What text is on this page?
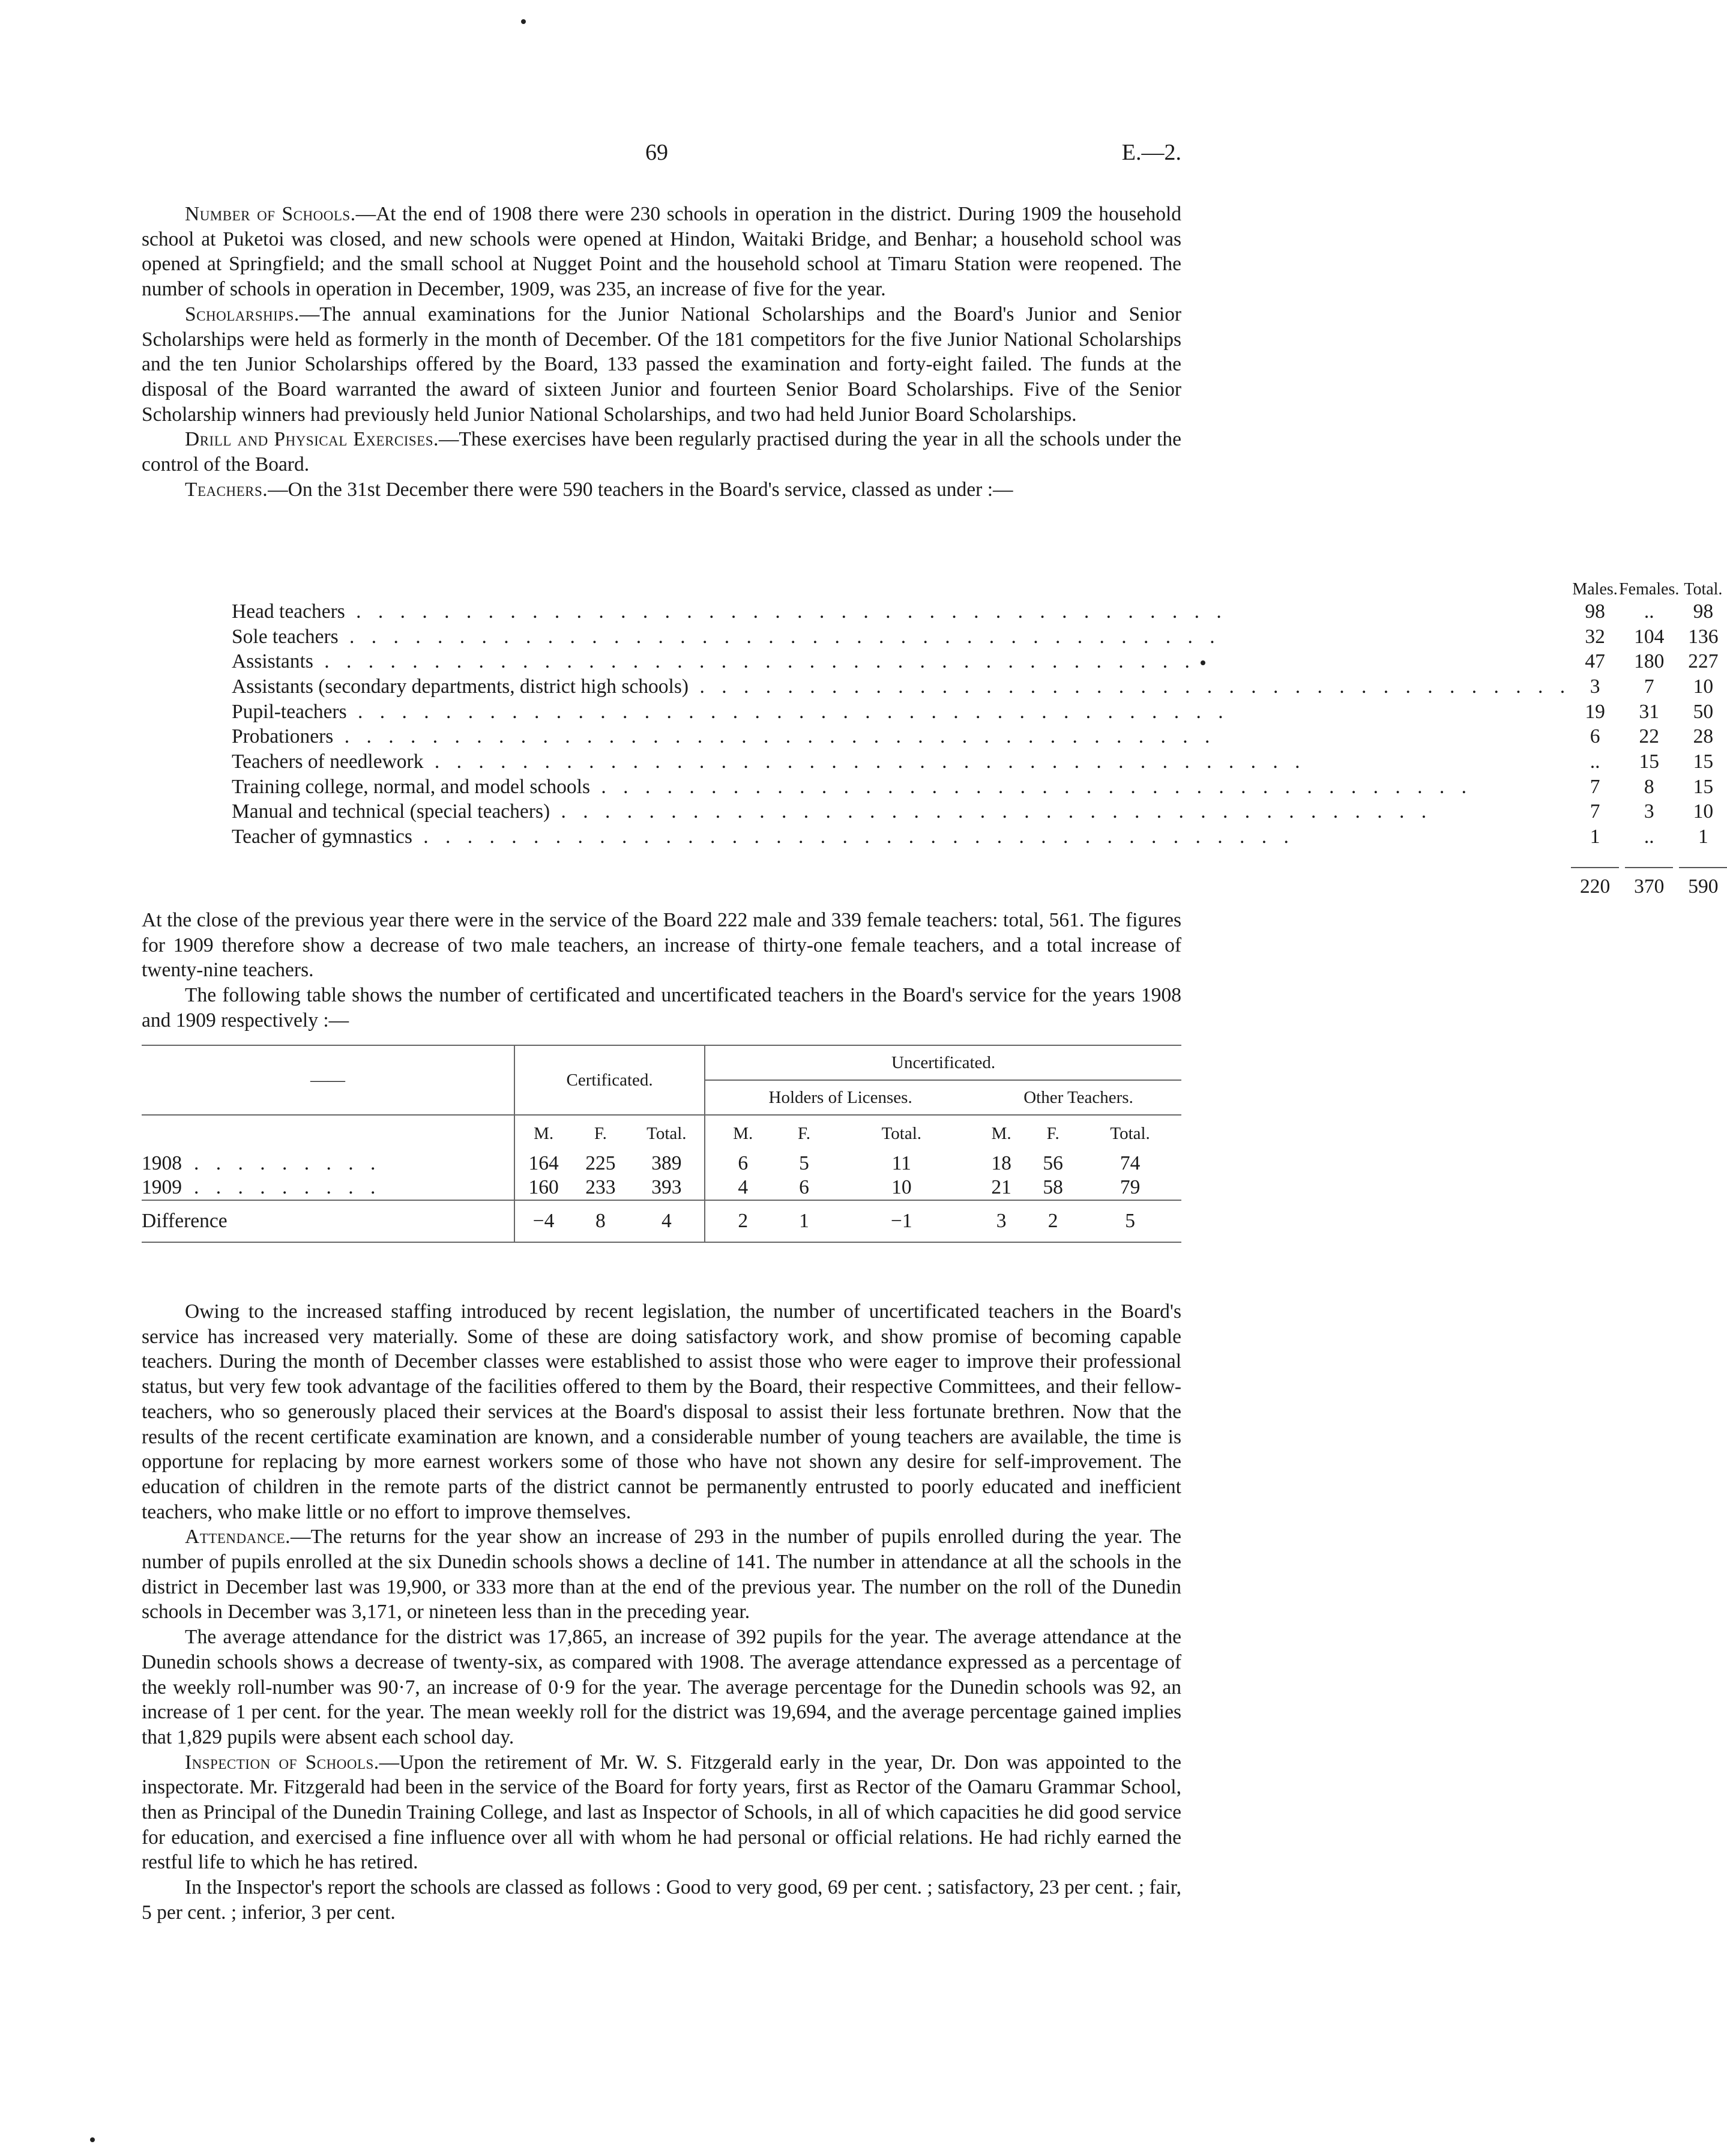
69	E.—2.

Number of Schools.—At the end of 1908 there were 230 schools in operation in the district. During 1909 the household school at Puketoi was closed, and new schools were opened at Hindon, Waitaki Bridge, and Benhar; a household school was opened at Springfield; and the small school at Nugget Point and the household school at Timaru Station were reopened. The number of schools in operation in December, 1909, was 235, an increase of five for the year.

Scholarships.—The annual examinations for the Junior National Scholarships and the Board's Junior and Senior Scholarships were held as formerly in the month of December. Of the 181 competitors for the five Junior National Scholarships and the ten Junior Scholarships offered by the Board, 133 passed the examination and forty-eight failed. The funds at the disposal of the Board warranted the award of sixteen Junior and fourteen Senior Board Scholarships. Five of the Senior Scholarship winners had previously held Junior National Scholarships, and two had held Junior Board Scholarships.

Drill and Physical Exercises.—These exercises have been regularly practised during the year in all the schools under the control of the Board.

Teachers.—On the 31st December there were 590 teachers in the Board's service, classed as under :—

	Males.	Females.	Total.
Head teachers . . . . . . . . . . . . . . . . . . . . . . . . . . . . . . . . . . . . . . . .	98	..	98
Sole teachers . . . . . . . . . . . . . . . . . . . . . . . . . . . . . . . . . . . . . . . .	32	104	136
Assistants . . . . . . . . . . . . . . . . . . . . . . . . . . . . . . . . . . . . . . . .	47	180	227
Assistants (secondary departments, district high schools) . . . . . . . . . . . . . . . . . . . . . . . . . . . . . . . . . . . . . . . .	3	7	10
Pupil-teachers . . . . . . . . . . . . . . . . . . . . . . . . . . . . . . . . . . . . . . . .	19	31	50
Probationers . . . . . . . . . . . . . . . . . . . . . . . . . . . . . . . . . . . . . . . .	6	22	28
Teachers of needlework . . . . . . . . . . . . . . . . . . . . . . . . . . . . . . . . . . . . . . . .	..	15	15
Training college, normal, and model schools . . . . . . . . . . . . . . . . . . . . . . . . . . . . . . . . . . . . . . . .	7	8	15
Manual and technical (special teachers) . . . . . . . . . . . . . . . . . . . . . . . . . . . . . . . . . . . . . . . .	7	3	10
Teacher of gymnastics . . . . . . . . . . . . . . . . . . . . . . . . . . . . . . . . . . . . . . . .	1	..	1

	220	370	590

At the close of the previous year there were in the service of the Board 222 male and 339 female teachers: total, 561. The figures for 1909 therefore show a decrease of two male teachers, an increase of thirty-one female teachers, and a total increase of twenty-nine teachers.

The following table shows the number of certificated and uncertificated teachers in the Board's service for the years 1908 and 1909 respectively :—

——	Certificated.			Uncertificated.					
				Holders of Licenses.			Other Teachers.		
	M.	F.	Total.	M.	F.	Total.	M.	F.	Total.
1908 . . . . . . . . .	164	225	389	6	5	11	18	56	74
1909 . . . . . . . . .	160	233	393	4	6	10	21	58	79
Difference	−4	8	4	2	1	−1	3	2	5

Owing to the increased staffing introduced by recent legislation, the number of uncertificated teachers in the Board's service has increased very materially. Some of these are doing satisfactory work, and show promise of becoming capable teachers. During the month of December classes were established to assist those who were eager to improve their professional status, but very few took advantage of the facilities offered to them by the Board, their respective Committees, and their fellow-teachers, who so generously placed their services at the Board's disposal to assist their less fortunate brethren. Now that the results of the recent certificate examination are known, and a considerable number of young teachers are available, the time is opportune for replacing by more earnest workers some of those who have not shown any desire for self-improvement. The education of children in the remote parts of the district cannot be permanently entrusted to poorly educated and inefficient teachers, who make little or no effort to improve themselves.

Attendance.—The returns for the year show an increase of 293 in the number of pupils enrolled during the year. The number of pupils enrolled at the six Dunedin schools shows a decline of 141. The number in attendance at all the schools in the district in December last was 19,900, or 333 more than at the end of the previous year. The number on the roll of the Dunedin schools in December was 3,171, or nineteen less than in the preceding year.

The average attendance for the district was 17,865, an increase of 392 pupils for the year. The average attendance at the Dunedin schools shows a decrease of twenty-six, as compared with 1908. The average attendance expressed as a percentage of the weekly roll-number was 90·7, an increase of 0·9 for the year. The average percentage for the Dunedin schools was 92, an increase of 1 per cent. for the year. The mean weekly roll for the district was 19,694, and the average percentage gained implies that 1,829 pupils were absent each school day.

Inspection of Schools.—Upon the retirement of Mr. W. S. Fitzgerald early in the year, Dr. Don was appointed to the inspectorate. Mr. Fitzgerald had been in the service of the Board for forty years, first as Rector of the Oamaru Grammar School, then as Principal of the Dunedin Training College, and last as Inspector of Schools, in all of which capacities he did good service for education, and exercised a fine influence over all with whom he had personal or official relations. He had richly earned the restful life to which he has retired.

In the Inspector's report the schools are classed as follows : Good to very good, 69 per cent. ; satisfactory, 23 per cent. ; fair, 5 per cent. ; inferior, 3 per cent.
